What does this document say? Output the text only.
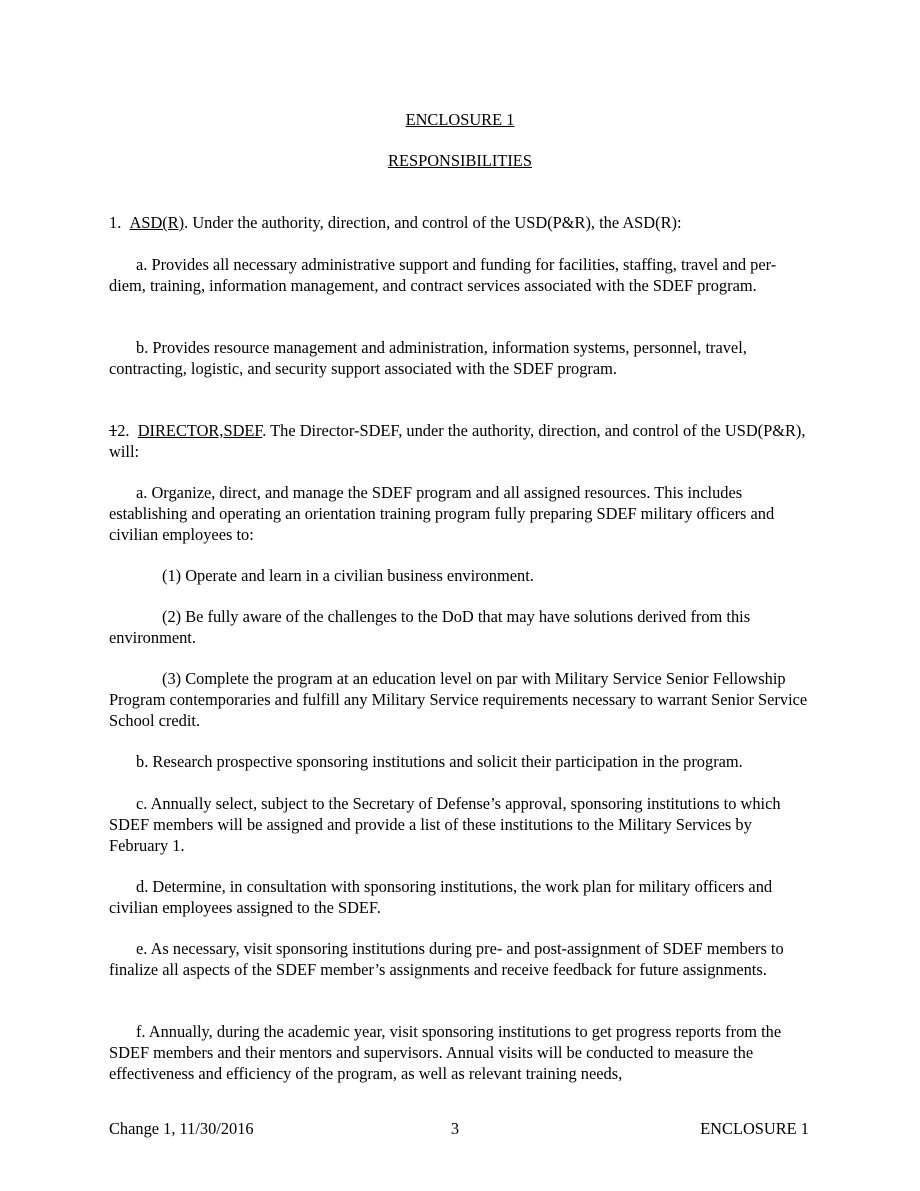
ENCLOSURE 1
RESPONSIBILITIES

1. ASD(R). Under the authority, direction, and control of the USD(P&R), the ASD(R):

a. Provides all necessary administrative support and funding for facilities, staffing, travel and per-diem, training, information management, and contract services associated with the SDEF program.

b. Provides resource management and administration, information systems, personnel, travel, contracting, logistic, and security support associated with the SDEF program.

12. DIRECTOR,SDEF. The Director-SDEF, under the authority, direction, and control of the USD(P&R), will:

a. Organize, direct, and manage the SDEF program and all assigned resources. This includes establishing and operating an orientation training program fully preparing SDEF military officers and civilian employees to:

(1) Operate and learn in a civilian business environment.

(2) Be fully aware of the challenges to the DoD that may have solutions derived from this environment.

(3) Complete the program at an education level on par with Military Service Senior Fellowship Program contemporaries and fulfill any Military Service requirements necessary to warrant Senior Service School credit.

b. Research prospective sponsoring institutions and solicit their participation in the program.

c. Annually select, subject to the Secretary of Defense’s approval, sponsoring institutions to which SDEF members will be assigned and provide a list of these institutions to the Military Services by February 1.

d. Determine, in consultation with sponsoring institutions, the work plan for military officers and civilian employees assigned to the SDEF.

e. As necessary, visit sponsoring institutions during pre- and post-assignment of SDEF members to finalize all aspects of the SDEF member’s assignments and receive feedback for future assignments.

f. Annually, during the academic year, visit sponsoring institutions to get progress reports from the SDEF members and their mentors and supervisors. Annual visits will be conducted to measure the effectiveness and efficiency of the program, as well as relevant training needs,

Change 1, 11/30/2016	3	ENCLOSURE 1
